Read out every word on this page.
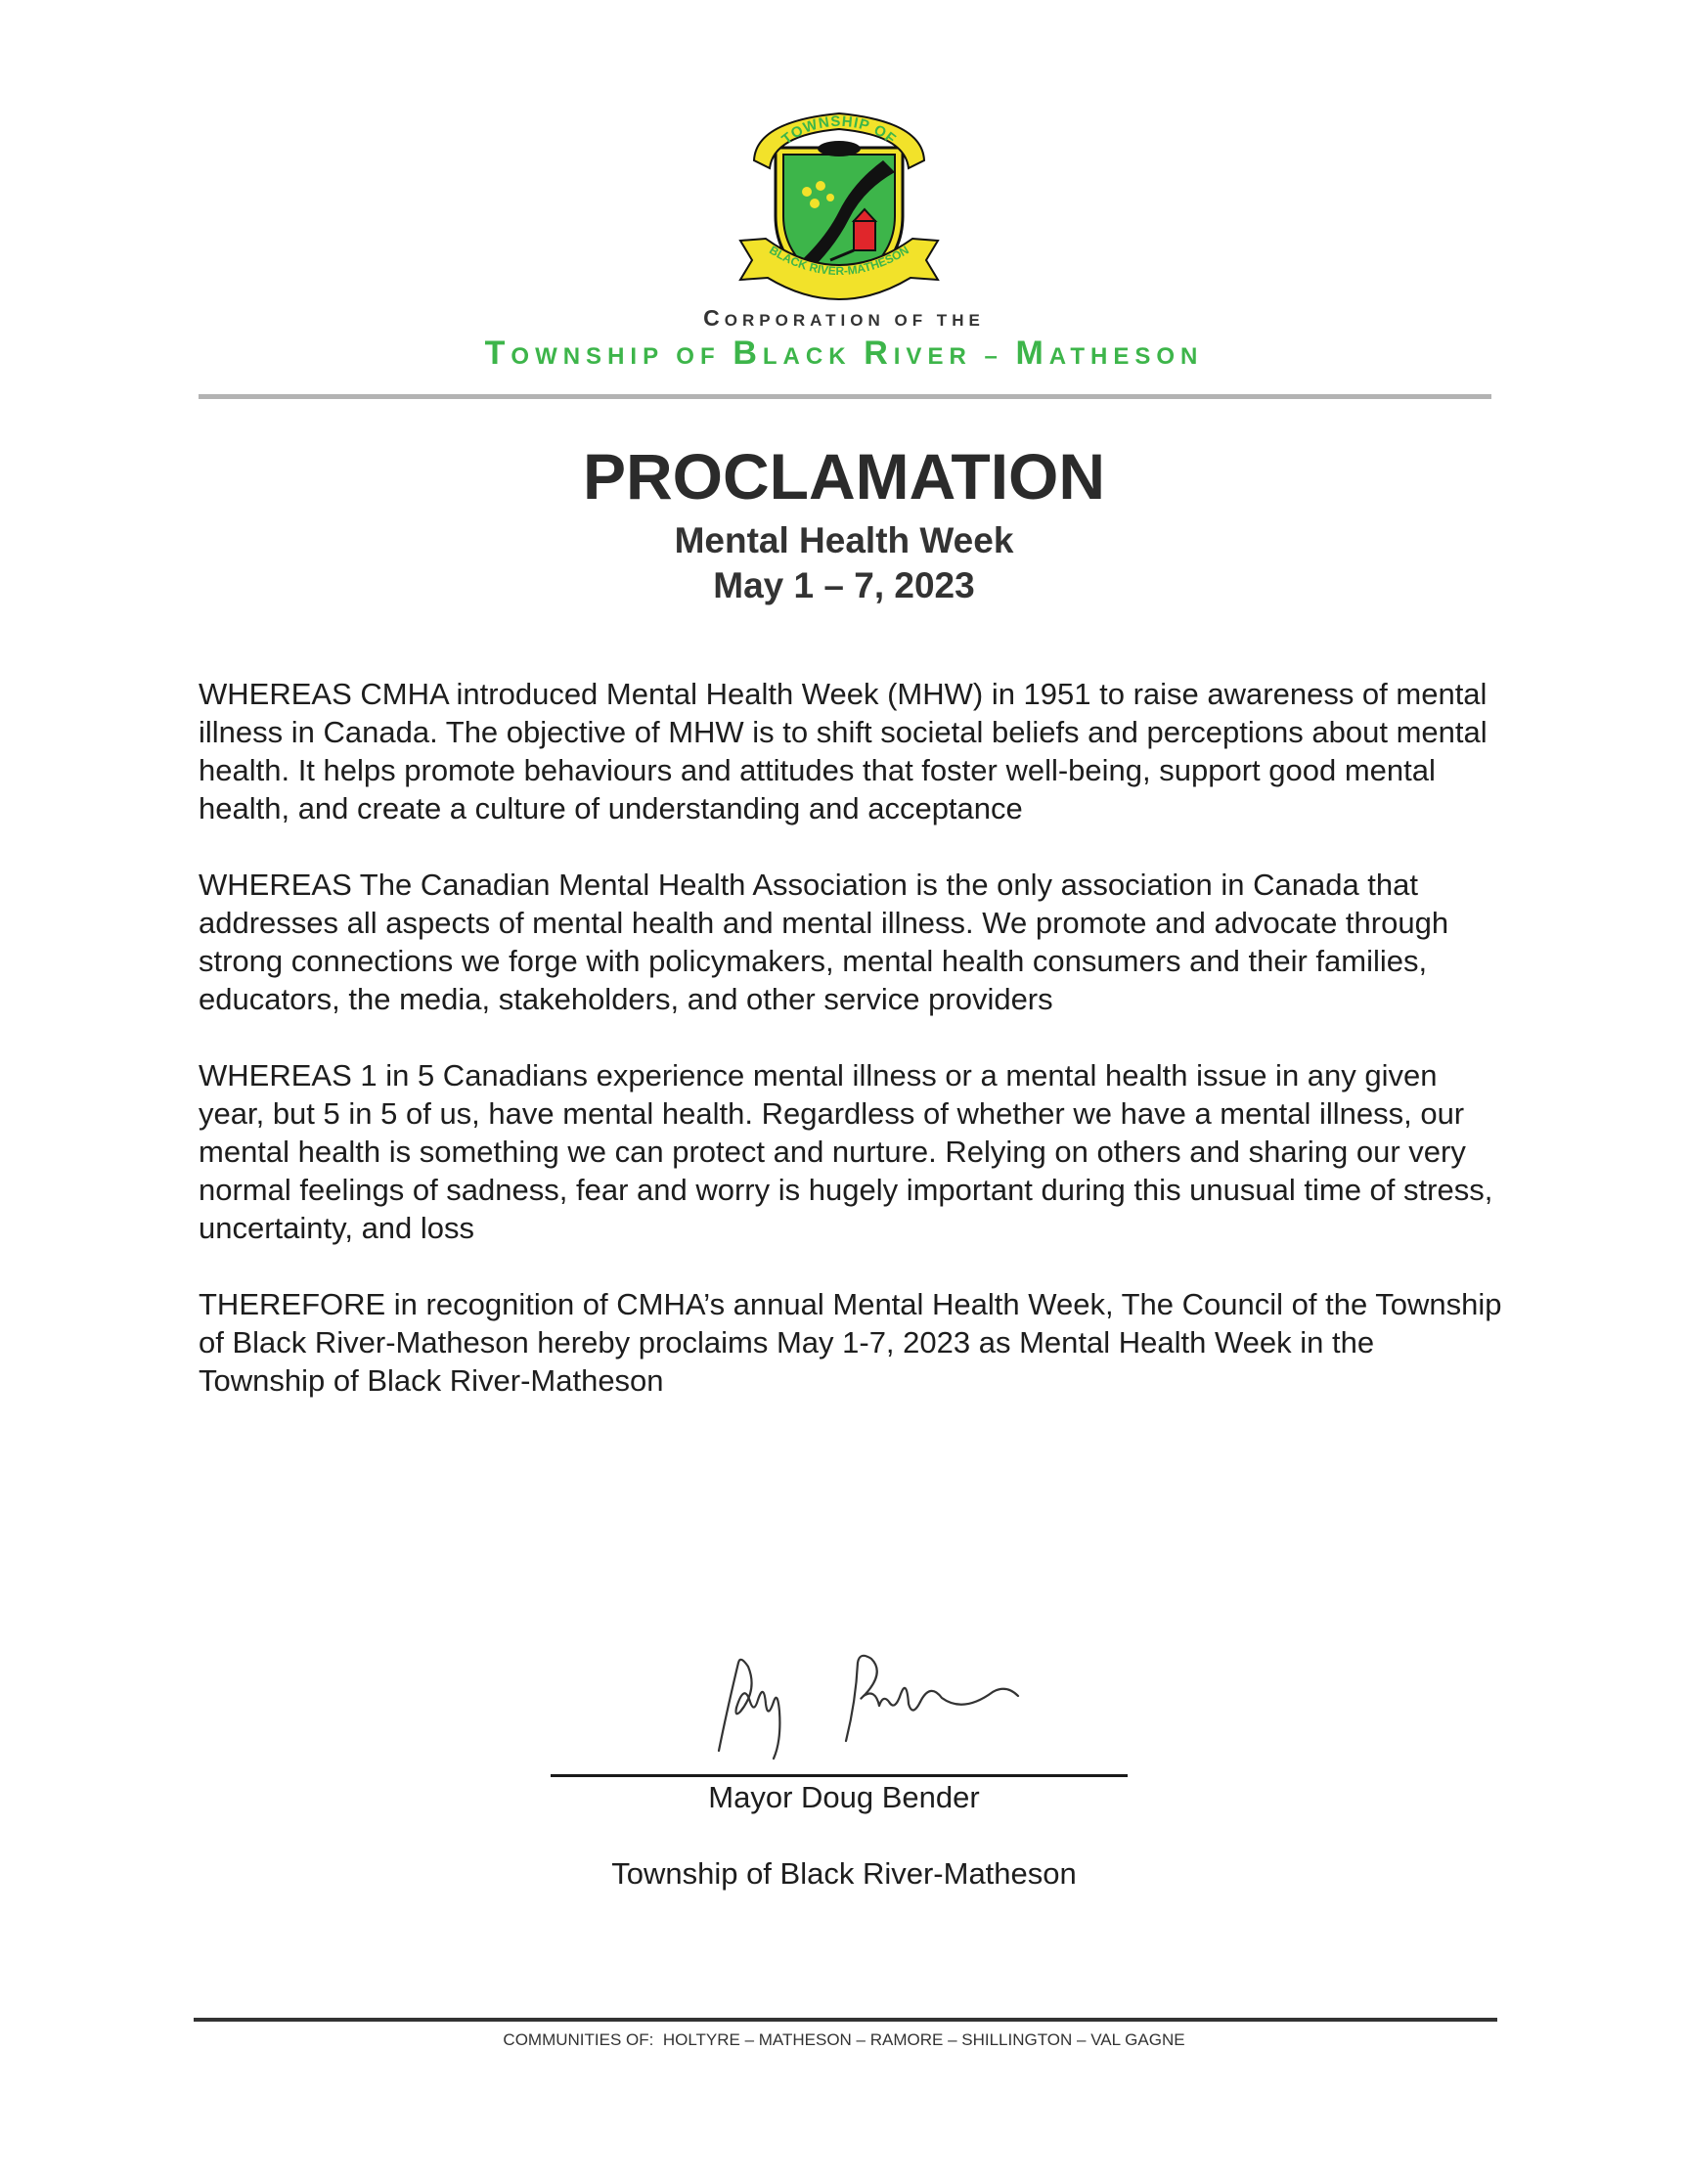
TOWNSHIP OF
BLACK RIVER-MATHESON
CORPORATION OF THE
TOWNSHIP OF BLACK RIVER – MATHESON
PROCLAMATION
Mental Health Week
May 1 – 7, 2023

WHEREAS CMHA introduced Mental Health Week (MHW) in 1951 to raise awareness of mental illness in Canada. The objective of MHW is to shift societal beliefs and perceptions about mental health. It helps promote behaviours and attitudes that foster well-being, support good mental health, and create a culture of understanding and acceptance

WHEREAS The Canadian Mental Health Association is the only association in Canada that addresses all aspects of mental health and mental illness. We promote and advocate through strong connections we forge with policymakers, mental health consumers and their families, educators, the media, stakeholders, and other service providers

WHEREAS 1 in 5 Canadians experience mental illness or a mental health issue in any given year, but 5 in 5 of us, have mental health. Regardless of whether we have a mental illness, our mental health is something we can protect and nurture. Relying on others and sharing our very normal feelings of sadness, fear and worry is hugely important during this unusual time of stress, uncertainty, and loss

THEREFORE in recognition of CMHA’s annual Mental Health Week, The Council of the Township of Black River-Matheson hereby proclaims May 1-7, 2023 as Mental Health Week in the Township of Black River-Matheson

Mayor Doug Bender
Township of Black River-Matheson
COMMUNITIES OF: HOLTYRE – MATHESON – RAMORE – SHILLINGTON – VAL GAGNE
